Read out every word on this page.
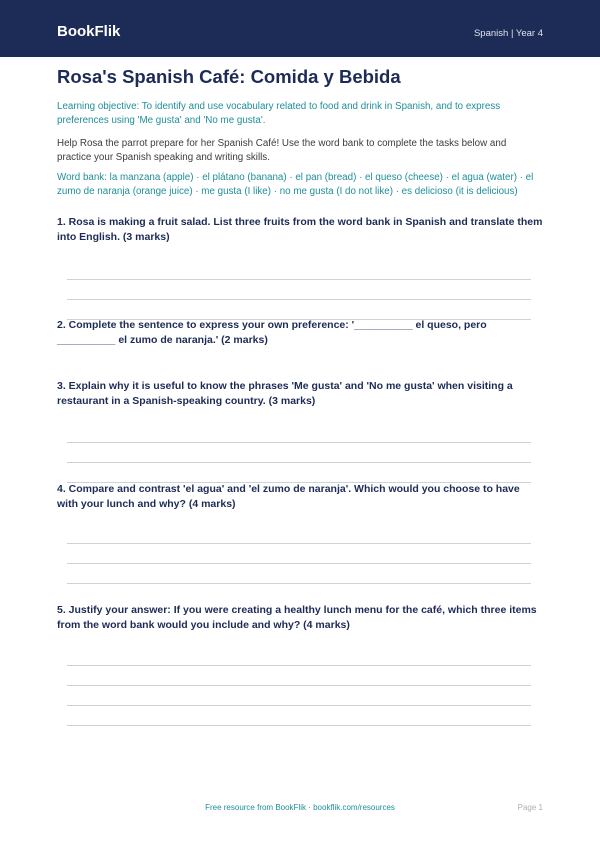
BookFlik	Spanish | Year 4
Rosa's Spanish Café: Comida y Bebida
Learning objective: To identify and use vocabulary related to food and drink in Spanish, and to express preferences using 'Me gusta' and 'No me gusta'.
Help Rosa the parrot prepare for her Spanish Café! Use the word bank to complete the tasks below and practice your Spanish speaking and writing skills.
Word bank: la manzana (apple) · el plátano (banana) · el pan (bread) · el queso (cheese) · el agua (water) · el zumo de naranja (orange juice) · me gusta (I like) · no me gusta (I do not like) · es delicioso (it is delicious)
1. Rosa is making a fruit salad. List three fruits from the word bank in Spanish and translate them into English. (3 marks)
2. Complete the sentence to express your own preference: '__________ el queso, pero __________ el zumo de naranja.' (2 marks)
3. Explain why it is useful to know the phrases 'Me gusta' and 'No me gusta' when visiting a restaurant in a Spanish-speaking country. (3 marks)
4. Compare and contrast 'el agua' and 'el zumo de naranja'. Which would you choose to have with your lunch and why? (4 marks)
5. Justify your answer: If you were creating a healthy lunch menu for the café, which three items from the word bank would you include and why? (4 marks)
Free resource from BookFlik · bookflik.com/resources	Page 1
